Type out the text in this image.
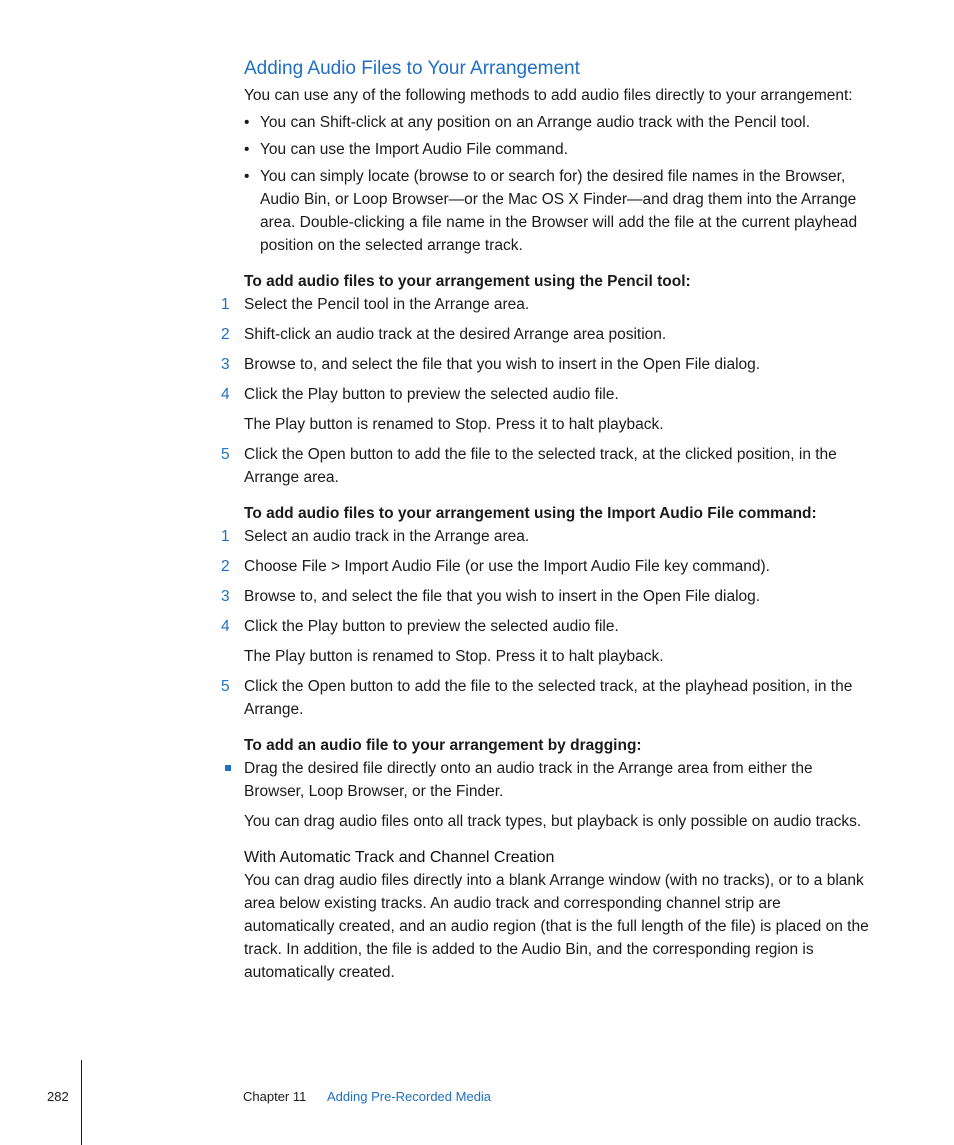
Adding Audio Files to Your Arrangement

You can use any of the following methods to add audio files directly to your arrangement:

• You can Shift-click at any position on an Arrange audio track with the Pencil tool.
• You can use the Import Audio File command.
• You can simply locate (browse to or search for) the desired file names in the Browser, Audio Bin, or Loop Browser—or the Mac OS X Finder—and drag them into the Arrange area. Double-clicking a file name in the Browser will add the file at the current playhead position on the selected arrange track.

To add audio files to your arrangement using the Pencil tool:

1 Select the Pencil tool in the Arrange area.
2 Shift-click an audio track at the desired Arrange area position.
3 Browse to, and select the file that you wish to insert in the Open File dialog.
4 Click the Play button to preview the selected audio file.

The Play button is renamed to Stop. Press it to halt playback.

5 Click the Open button to add the file to the selected track, at the clicked position, in the Arrange area.

To add audio files to your arrangement using the Import Audio File command:

1 Select an audio track in the Arrange area.
2 Choose File > Import Audio File (or use the Import Audio File key command).
3 Browse to, and select the file that you wish to insert in the Open File dialog.
4 Click the Play button to preview the selected audio file.

The Play button is renamed to Stop. Press it to halt playback.

5 Click the Open button to add the file to the selected track, at the playhead position, in the Arrange.

To add an audio file to your arrangement by dragging:

Drag the desired file directly onto an audio track in the Arrange area from either the Browser, Loop Browser, or the Finder.

You can drag audio files onto all track types, but playback is only possible on audio tracks.

With Automatic Track and Channel Creation

You can drag audio files directly into a blank Arrange window (with no tracks), or to a blank area below existing tracks. An audio track and corresponding channel strip are automatically created, and an audio region (that is the full length of the file) is placed on the track. In addition, the file is added to the Audio Bin, and the corresponding region is automatically created.

282	Chapter 11 Adding Pre-Recorded Media
